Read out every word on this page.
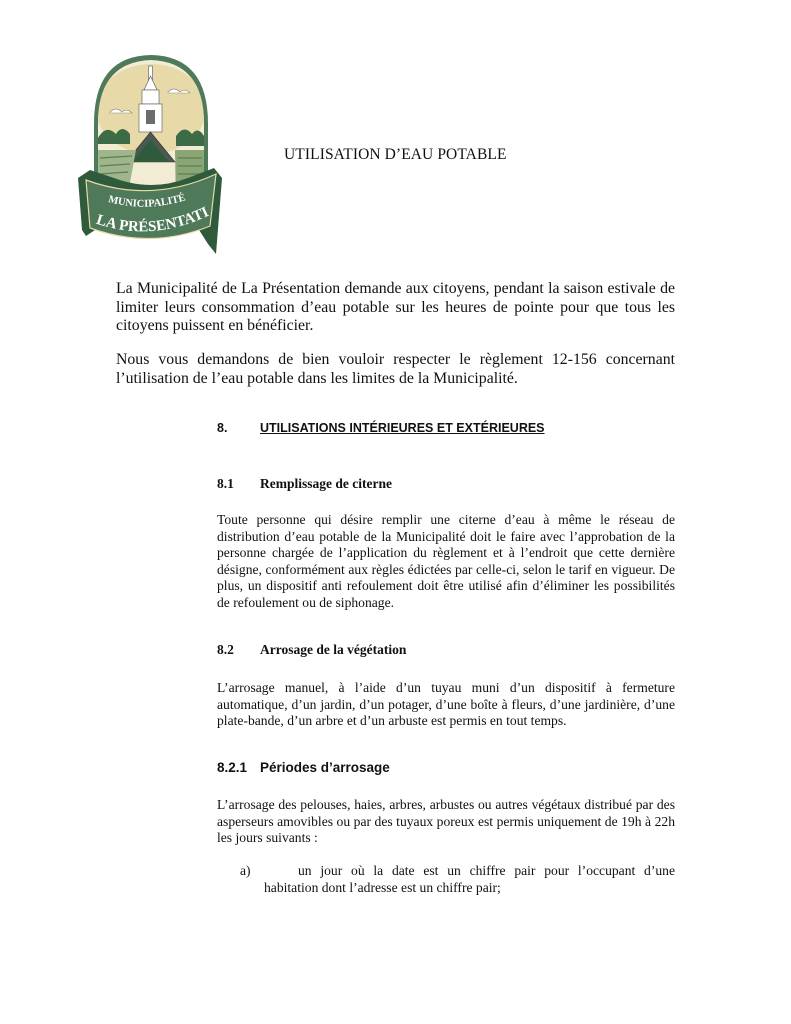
MUNICIPALITÉ
LA PRÉSENTATI
UTILISATION D’EAU POTABLE
La Municipalité de La Présentation demande aux citoyens, pendant la saison estivale de limiter leurs consommation d’eau potable sur les heures de pointe pour que tous les citoyens puissent en bénéficier.
Nous vous demandons de bien vouloir respecter le règlement 12-156 concernant l’utilisation de l’eau potable dans les limites de la Municipalité.
8.	UTILISATIONS INTÉRIEURES ET EXTÉRIEURES
8.1 Remplissage de citerne
Toute personne qui désire remplir une citerne d’eau à même le réseau de distribution d’eau potable de la Municipalité doit le faire avec l’approbation de la personne chargée de l’application du règlement et à l’endroit que cette dernière désigne, conformément aux règles édictées par celle-ci, selon le tarif en vigueur. De plus, un dispositif anti refoulement doit être utilisé afin d’éliminer les possibilités de refoulement ou de siphonage.
8.2 Arrosage de la végétation
L’arrosage manuel, à l’aide d’un tuyau muni d’un dispositif à fermeture automatique, d’un jardin, d’un potager, d’une boîte à fleurs, d’une jardinière, d’une plate-bande, d’un arbre et d’un arbuste est permis en tout temps.
8.2.1 Périodes d’arrosage
L’arrosage des pelouses, haies, arbres, arbustes ou autres végétaux distribué par des asperseurs amovibles ou par des tuyaux poreux est permis uniquement de 19h à 22h les jours suivants :
a)	un jour où la date est un chiffre pair pour l’occupant d’une
habitation dont l’adresse est un chiffre pair;
